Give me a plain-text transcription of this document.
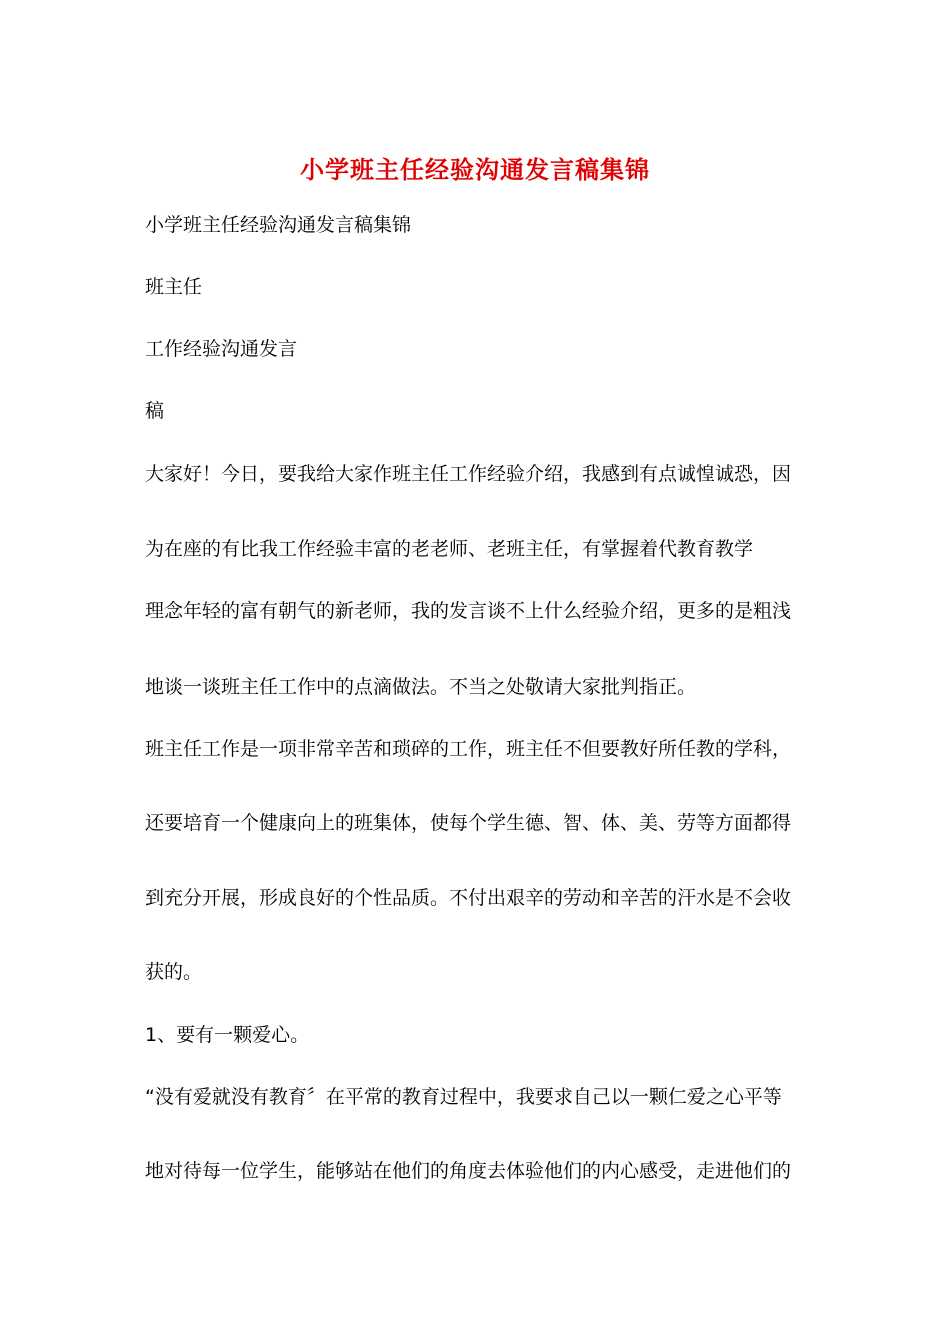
小学班主任经验沟通发言稿集锦
小学班主任经验沟通发言稿集锦
班主任
工作经验沟通发言
稿
大家好！今日，要我给大家作班主任工作经验介绍，我感到有点诚惶诚恐，因
为在座的有比我工作经验丰富的老老师、老班主任，有掌握着代教育教学
理念年轻的富有朝气的新老师，我的发言谈不上什么经验介绍，更多的是粗浅
地谈一谈班主任工作中的点滴做法。不当之处敬请大家批判指正。
班主任工作是一项非常辛苦和琐碎的工作，班主任不但要教好所任教的学科，
还要培育一个健康向上的班集体，使每个学生德、智、体、美、劳等方面都得
到充分开展，形成良好的个性品质。不付出艰辛的劳动和辛苦的汗水是不会收
获的。
1、要有一颗爱心。
“没有爱就没有教育〞在平常的教育过程中，我要求自己以一颗仁爱之心平等
地对待每一位学生，能够站在他们的角度去体验他们的内心感受，走进他们的
